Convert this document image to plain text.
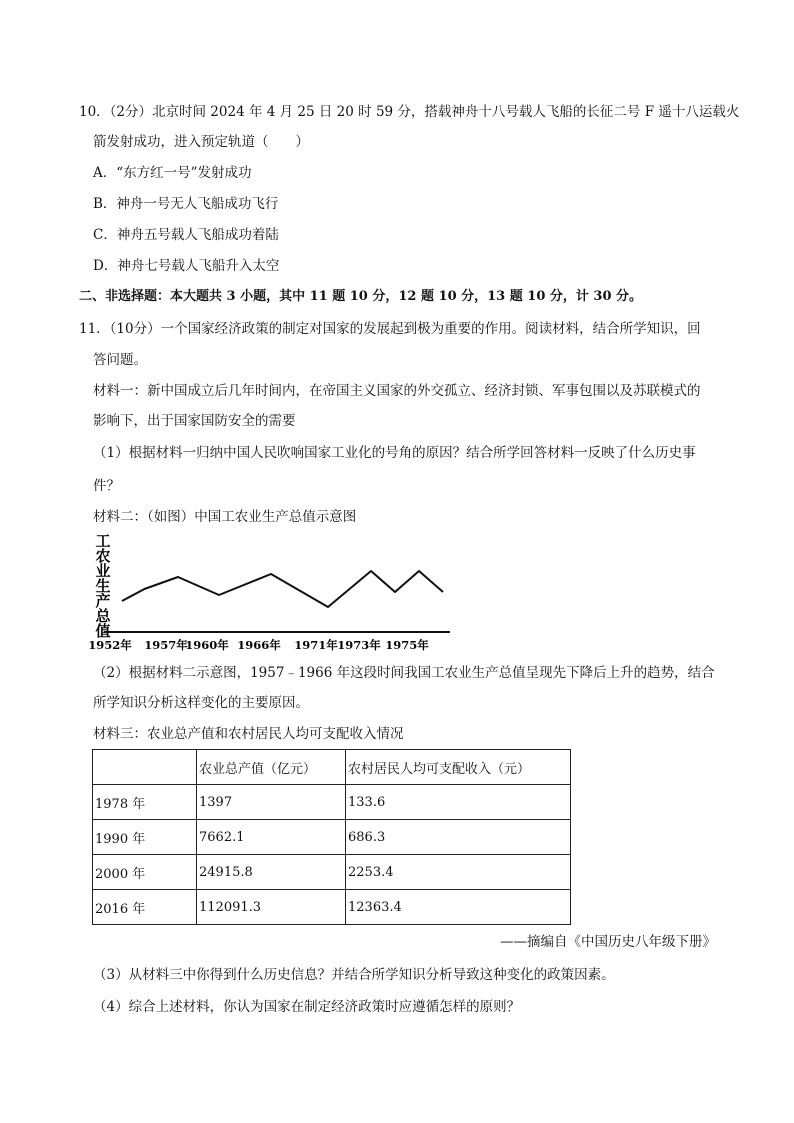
10．（2分）北京时间 2024 年 4 月 25 日 20 时 59 分，搭载神舟十八号载人飞船的长征二号 F 遥十八运载火
箭发射成功，进入预定轨道（　　）
A．“东方红一号”发射成功
B．神舟一号无人飞船成功飞行
C．神舟五号载人飞船成功着陆
D．神舟七号载人飞船升入太空
二、非选择题：本大题共 3 小题，其中 11 题 10 分，12 题 10 分，13 题 10 分，计 30 分。
11．（10分）一个国家经济政策的制定对国家的发展起到极为重要的作用。阅读材料，结合所学知识，回
答问题。
材料一：新中国成立后几年时间内，在帝国主义国家的外交孤立、经济封锁、军事包围以及苏联模式的
影响下，出于国家国防安全的需要
（1）根据材料一归纳中国人民吹响国家工业化的号角的原因？结合所学回答材料一反映了什么历史事
件？
材料二：（如图）中国工农业生产总值示意图
工
农
业
生
产
总
值
1952年 1957年
1960年 1966年 1971年 1973年 1975年
（2）根据材料二示意图，1957﹣1966 年这段时间我国工农业生产总值呈现先下降后上升的趋势，结合
所学知识分析这样变化的主要原因。
材料三：农业总产值和农村居民人均可支配收入情况
	农业总产值（亿元）	农村居民人均可支配收入（元）
1978 年	1397	133.6
1990 年	7662.1	686.3
2000 年	24915.8	2253.4
2016 年	112091.3	12363.4
——摘编自《中国历史八年级下册》
（3）从材料三中你得到什么历史信息？并结合所学知识分析导致这种变化的政策因素。
（4）综合上述材料，你认为国家在制定经济政策时应遵循怎样的原则？
